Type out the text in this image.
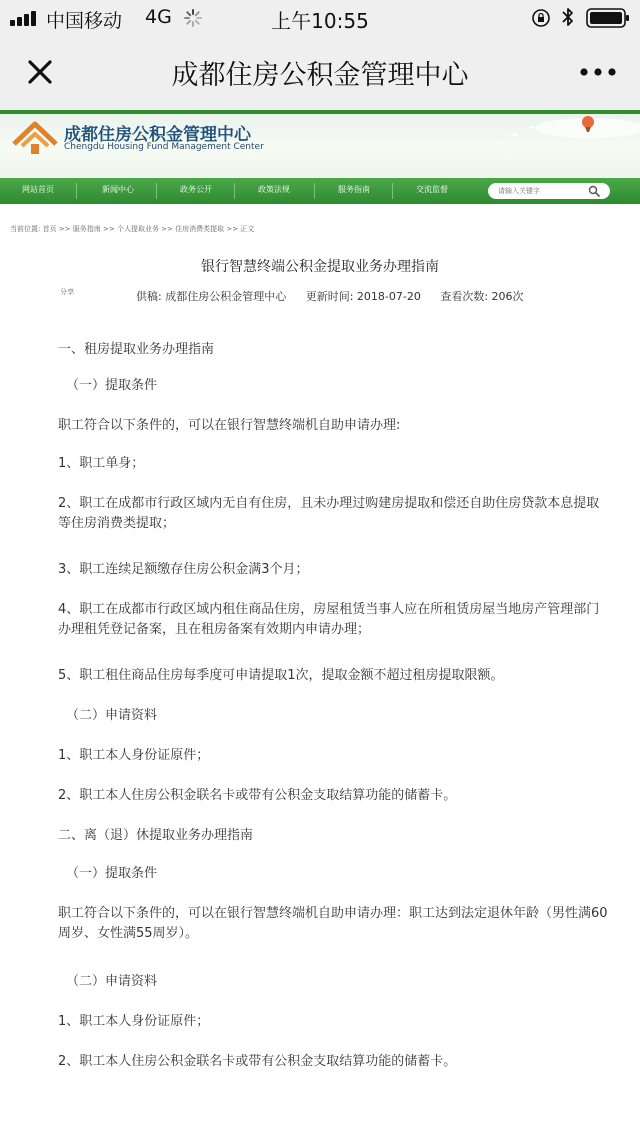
中国移动 4G	上午10:55
成都住房公积金管理中心
成都住房公积金管理中心
Chengdu Housing Fund Management Center
网站首页	新闻中心	政务公开	政策法规	服务指南	交流监督
请输入关键字
当前位置: 首页 >> 服务指南 >> 个人提取业务 >> 住房消费类提取 >> 正文
银行智慧终端公积金提取业务办理指南
分享	供稿: 成都住房公积金管理中心 更新时间: 2018-07-20 查看次数: 206次
一、租房提取业务办理指南
（一）提取条件
职工符合以下条件的，可以在银行智慧终端机自助申请办理:
1、职工单身；
2、职工在成都市行政区域内无自有住房，且未办理过购建房提取和偿还自助住房贷款本息提取等住房消费类提取；
3、职工连续足额缴存住房公积金满3个月；
4、职工在成都市行政区域内租住商品住房，房屋租赁当事人应在所租赁房屋当地房产管理部门办理租凭登记备案，且在租房备案有效期内申请办理；
5、职工租住商品住房每季度可申请提取1次，提取金额不超过租房提取限额。
（二）申请资料
1、职工本人身份证原件；
2、职工本人住房公积金联名卡或带有公积金支取结算功能的储蓄卡。
二、离（退）休提取业务办理指南
（一）提取条件
职工符合以下条件的，可以在银行智慧终端机自助申请办理：职工达到法定退休年龄（男性满60周岁、女性满55周岁）。
（二）申请资料
1、职工本人身份证原件；
2、职工本人住房公积金联名卡或带有公积金支取结算功能的储蓄卡。
